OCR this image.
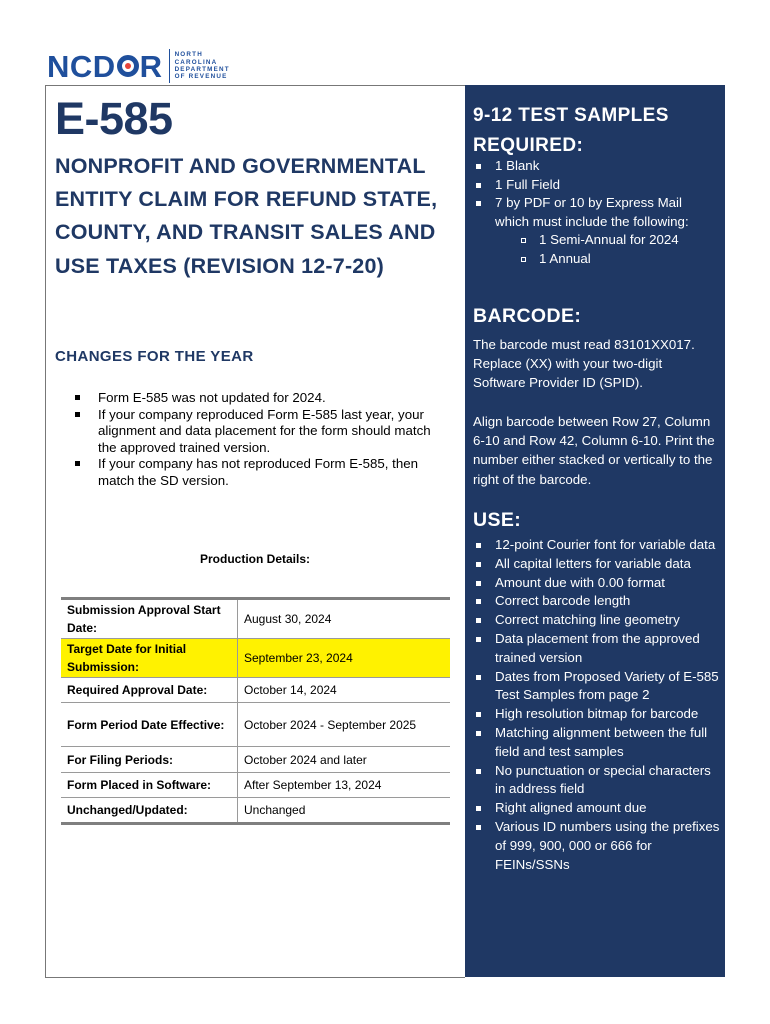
NCD R NORTH
CAROLINA
DEPARTMENT
OF REVENUE
E-585
NONPROFIT AND GOVERNMENTAL ENTITY CLAIM FOR REFUND STATE, COUNTY, AND TRANSIT SALES AND USE TAXES (REVISION 12-7-20)
CHANGES FOR THE YEAR
Form E-585 was not updated for 2024.
If your company reproduced Form E-585 last year, your alignment and data placement for the form should match the approved trained version.
If your company has not reproduced Form E-585, then match the SD version.

Production Details:

Submission Approval Start Date:	August 30, 2024
Target Date for Initial Submission:	September 23, 2024
Required Approval Date:	October 14, 2024
Form Period Date Effective:	October 2024 - September 2025
For Filing Periods:	October 2024 and later
Form Placed in Software:	After September 13, 2024
Unchanged/Updated:	Unchanged
9-12 TEST SAMPLES REQUIRED:
1 Blank
1 Full Field
7 by PDF or 10 by Express Mail which must include the following:
1 Semi-Annual for 2024
1 Annual
BARCODE:

The barcode must read 83101XX017. Replace (XX) with your two-digit Software Provider ID (SPID).

Align barcode between Row 27, Column 6-10 and Row 42, Column 6-10. Print the number either stacked or vertically to the right of the barcode.

USE:
12-point Courier font for variable data
All capital letters for variable data
Amount due with 0.00 format
Correct barcode length
Correct matching line geometry
Data placement from the approved trained version
Dates from Proposed Variety of E-585 Test Samples from page 2
High resolution bitmap for barcode
Matching alignment between the full field and test samples
No punctuation or special characters in address field
Right aligned amount due
Various ID numbers using the prefixes of 999, 900, 000 or 666 for FEINs/SSNs
